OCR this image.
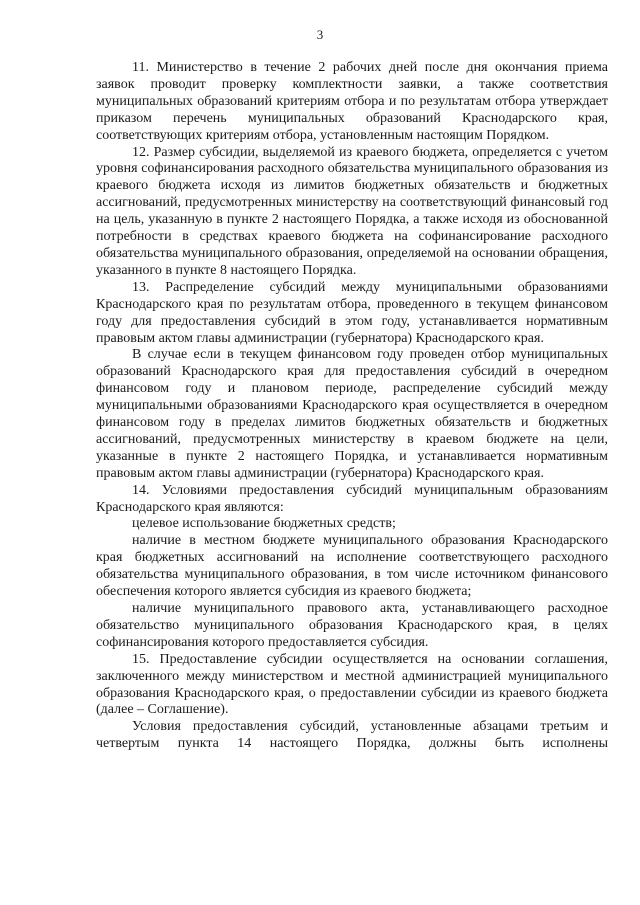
3

11. Министерство в течение 2 рабочих дней после дня окончания приема заявок проводит проверку комплектности заявки, а также соответствия муниципальных образований критериям отбора и по результатам отбора утверждает приказом перечень муниципальных образований Краснодарского края, соответствующих критериям отбора, установленным настоящим Порядком.

12. Размер субсидии, выделяемой из краевого бюджета, определяется с учетом уровня софинансирования расходного обязательства муниципального образования из краевого бюджета исходя из лимитов бюджетных обязательств и бюджетных ассигнований, предусмотренных министерству на соответствующий финансовый год на цель, указанную в пункте 2 настоящего Порядка, а также исходя из обоснованной потребности в средствах краевого бюджета на софинансирование расходного обязательства муниципального образования, определяемой на основании обращения, указанного в пункте 8 настоящего Порядка.

13. Распределение субсидий между муниципальными образованиями Краснодарского края по результатам отбора, проведенного в текущем финансовом году для предоставления субсидий в этом году, устанавливается нормативным правовым актом главы администрации (губернатора) Краснодарского края.

В случае если в текущем финансовом году проведен отбор муниципальных образований Краснодарского края для предоставления субсидий в очередном финансовом году и плановом периоде, распределение субсидий между муниципальными образованиями Краснодарского края осуществляется в очередном финансовом году в пределах лимитов бюджетных обязательств и бюджетных ассигнований, предусмотренных министерству в краевом бюджете на цели, указанные в пункте 2 настоящего Порядка, и устанавливается нормативным правовым актом главы администрации (губернатора) Краснодарского края.

14. Условиями предоставления субсидий муниципальным образованиям Краснодарского края являются:

целевое использование бюджетных средств;

наличие в местном бюджете муниципального образования Краснодарского края бюджетных ассигнований на исполнение соответствующего расходного обязательства муниципального образования, в том числе источником финансового обеспечения которого является субсидия из краевого бюджета;

наличие муниципального правового акта, устанавливающего расходное обязательство муниципального образования Краснодарского края, в целях софинансирования которого предоставляется субсидия.

15. Предоставление субсидии осуществляется на основании соглашения, заключенного между министерством и местной администрацией муниципального образования Краснодарского края, о предоставлении субсидии из краевого бюджета (далее – Соглашение).

Условия предоставления субсидий, установленные абзацами третьим и четвертым пункта 14 настоящего Порядка, должны быть исполнены
